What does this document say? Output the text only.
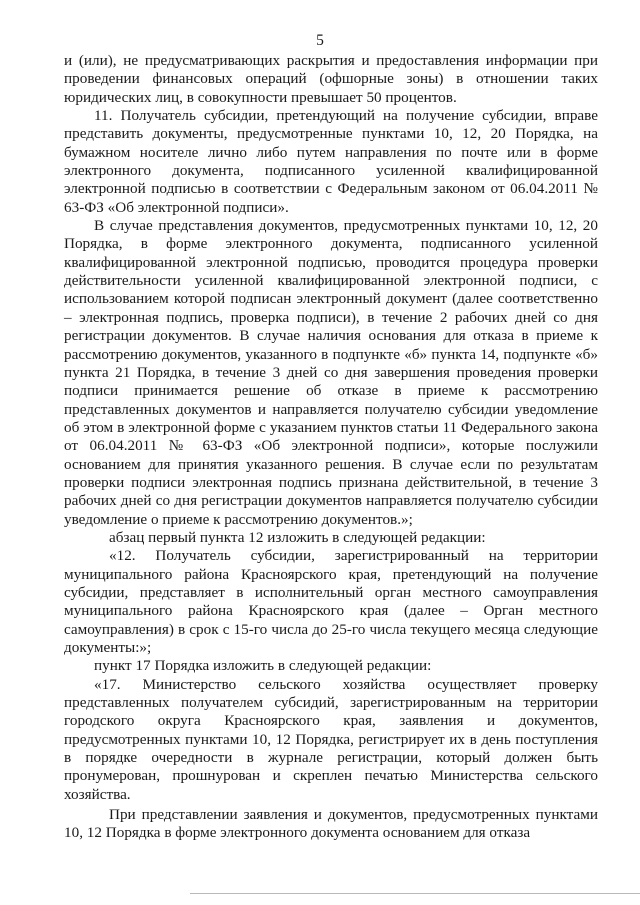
5

и (или), не предусматривающих раскрытия и предоставления информации при проведении финансовых операций (офшорные зоны) в отношении таких юридических лиц, в совокупности превышает 50 процентов.

11. Получатель субсидии, претендующий на получение субсидии, вправе представить документы, предусмотренные пунктами 10, 12, 20 Порядка, на бумажном носителе лично либо путем направления по почте или в форме электронного документа, подписанного усиленной квалифицированной электронной подписью в соответствии с Федеральным законом от 06.04.2011 № 63-ФЗ «Об электронной подписи».

В случае представления документов, предусмотренных пунктами 10, 12, 20 Порядка, в форме электронного документа, подписанного усиленной квалифицированной электронной подписью, проводится процедура проверки действительности усиленной квалифицированной электронной подписи, с использованием которой подписан электронный документ (далее соответственно – электронная подпись, проверка подписи), в течение 2 рабочих дней со дня регистрации документов. В случае наличия основания для отказа в приеме к рассмотрению документов, указанного в подпункте «б» пункта 14, подпункте «б» пункта 21 Порядка, в течение 3 дней со дня завершения проведения проверки подписи принимается решение об отказе в приеме к рассмотрению представленных документов и направляется получателю субсидии уведомление об этом в электронной форме с указанием пунктов статьи 11 Федерального закона от 06.04.2011 № 63-ФЗ «Об электронной подписи», которые послужили основанием для принятия указанного решения. В случае если по результатам проверки подписи электронная подпись признана действительной, в течение 3 рабочих дней со дня регистрации документов направляется получателю субсидии уведомление о приеме к рассмотрению документов.»;

абзац первый пункта 12 изложить в следующей редакции:

«12. Получатель субсидии, зарегистрированный на территории муниципального района Красноярского края, претендующий на получение субсидии, представляет в исполнительный орган местного самоуправления муниципального района Красноярского края (далее – Орган местного самоуправления) в срок с 15-го числа до 25-го числа текущего месяца следующие документы:»;

пункт 17 Порядка изложить в следующей редакции:

«17. Министерство сельского хозяйства осуществляет проверку представленных получателем субсидий, зарегистрированным на территории городского округа Красноярского края, заявления и документов, предусмотренных пунктами 10, 12 Порядка, регистрирует их в день поступления в порядке очередности в журнале регистрации, который должен быть пронумерован, прошнурован и скреплен печатью Министерства сельского хозяйства.

При представлении заявления и документов, предусмотренных пунктами 10, 12 Порядка в форме электронного документа основанием для отказа
